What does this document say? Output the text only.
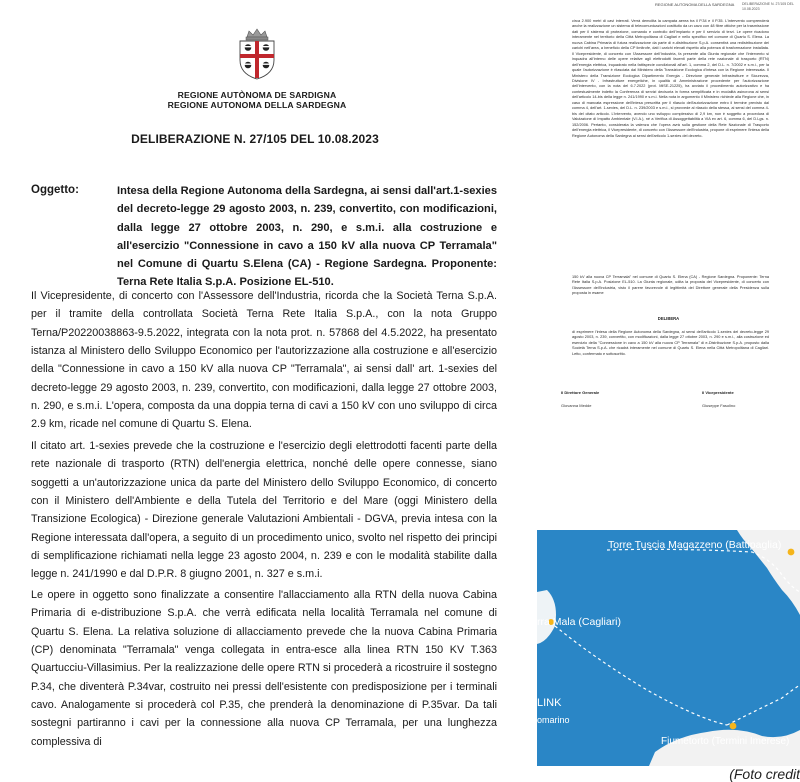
REGIONE AUTÒNOMA DE SARDIGNA
REGIONE AUTONOMA DELLA SARDEGNA
DELIBERAZIONE N. 27/105 DEL 10.08.2023
Oggetto:	Intesa della Regione Autonoma della Sardegna, ai sensi dall'art.1-sexies del decreto-legge 29 agosto 2003, n. 239, convertito, con modificazioni, dalla legge 27 ottobre 2003, n. 290, e s.m.i. alla costruzione e all'esercizio "Connessione in cavo a 150 kV alla nuova CP Terramala" nel Comune di Quartu S.Elena (CA) - Regione Sardegna. Proponente: Terna Rete Italia S.p.A. Posizione EL-510.

Il Vicepresidente, di concerto con l'Assessore dell'Industria, ricorda che la Società Terna S.p.A. per il tramite della controllata Società Terna Rete Italia S.p.A., con la nota Gruppo Terna/P20220038863-9.5.2022, integrata con la nota prot. n. 57868 del 4.5.2022, ha presentato istanza al Ministero dello Sviluppo Economico per l'autorizzazione alla costruzione e all'esercizio della "Connessione in cavo a 150 kV alla nuova CP "Terramala", ai sensi dall' art. 1-sexies del decreto-legge 29 agosto 2003, n. 239, convertito, con modificazioni, dalla legge 27 ottobre 2003, n. 290, e s.m.i. L'opera, composta da una doppia terna di cavi a 150 kV con uno sviluppo di circa 2.9 km, ricade nel comune di Quartu S. Elena.

Il citato art. 1-sexies prevede che la costruzione e l'esercizio degli elettrodotti facenti parte della rete nazionale di trasporto (RTN) dell'energia elettrica, nonché delle opere connesse, siano soggetti a un'autorizzazione unica da parte del Ministero dello Sviluppo Economico, di concerto con il Ministero dell'Ambiente e della Tutela del Territorio e del Mare (oggi Ministero della Transizione Ecologica) - Direzione generale Valutazioni Ambientali - DGVA, previa intesa con la Regione interessata dall'opera, a seguito di un procedimento unico, svolto nel rispetto dei principi di semplificazione richiamati nella legge 23 agosto 2004, n. 239 e con le modalità stabilite dalla legge n. 241/1990 e dal D.P.R. 8 giugno 2001, n. 327 e s.m.i.

Le opere in oggetto sono finalizzate a consentire l'allacciamento alla RTN della nuova Cabina Primaria di e-distribuzione S.p.A. che verrà edificata nella località Terramala nel comune di Quartu S. Elena. La relativa soluzione di allacciamento prevede che la nuova Cabina Primaria (CP) denominata "Terramala" venga collegata in entra-esce alla linea RTN 150 KV T.363 Quartucciu-Villasimius. Per la realizzazione delle opere RTN si procederà a ricostruire il sostegno P.34, che diventerà P.34var, costruito nei pressi dell'esistente con predisposizione per i terminali cavo. Analogamente si procederà col P.35, che prenderà la denominazione di P.35var. Da tali sostegni partiranno i cavi per la connessione alla nuova CP Terramala, per una lunghezza complessiva di

REGIONE AUTONOMA DELLA SARDEGNA DELIBERAZIONE N. 27/105 DEL 10.08.2023

circa 2.900 metri di cavi interrati. Verrà demolita la campata aerea tra il P.34 e il P.35. L'intervento comprenderà anche la realizzazione un sistema di telecomunicazioni costituito da un cavo con 48 fibre ottiche per la trasmissione dati per il sistema di protezione, comando e controllo dell'impianto e per il servizio di terzi. Le opere ricadono interamente nel territorio della Città Metropolitana di Cagliari e nello specifico nel comune di Quartu S. Elena. La nuova Cabina Primaria di futura realizzazione da parte di e-distribuzione S.p.A. consentirà una redistribuzione dei carichi nell'area, a beneficio della CP limitrofe, dati i carichi elevati rispetto alla potenza di trasformazione installata. Il Vicepresidente, di concerto con l'Assessore dell'Industria, fa presente alla Giunta regionale che l'intervento si inquadra all'interno delle opere relative agli elettrodotti facenti parte della rete nazionale di trasporto (RTN) dell'energia elettrica, inquadrato nella fattispecie condizionali all'art. 1, comma 2, del D.L. n. 7/2002 e s.m.i., per la quale l'autorizzazione è rilasciata dal Ministero della Transizione Ecologica d'intesa con la Regione interessata. Il Ministero della Transizione Ecologica Dipartimento Energia - Direzione generale Infrastrutture e Sicurezza, Divisione IV - Infrastrutture energetiche, in qualità di Amministrazione procedente per l'autorizzazione dell'intervento, con la nota del 6.7.2022 (prot. MiSE-21225), ha avviato il procedimento autorizzativo e ha contestualmente indetto la Conferenza di servizi decisoria in forma semplificata e in modalità asincrona ai sensi dell'articolo 14-bis della legge n. 241/1990 e s.m.i. Nella nota in argomento il Ministero richiede alla Regione che, in caso di mancata espressione dell'intesa prescritta per il rilascio dell'autorizzazione entro il termine previsto dal comma 4, dell'art. 1-sexies, del D.L. n. 239/2003 e s.m.i., si provvede al rilascio della stessa, ai sensi del comma 4-bis del citato articolo. L'intervento, avendo uno sviluppo complessivo di 2,9 km, non è soggetto a procedura di Valutazione di Impatto Ambientale (V.I.A.), né a Verifica di Assoggettabilità a VIA ex art. 6, comma 6, del D.Lgs. n. 152/2006. Pertanto, considerata la valenza che l'opera avrà sulla gestione della Rete Nazionale di Trasporto dell'energia elettrica, il Vicepresidente, di concerto con l'Assessore dell'Industria, propone di esprimere l'intesa della Regione Autonoma della Sardegna ai sensi dell'articolo 1-sexies del decreto-

150 kV alla nuova CP Terramala" nel comune di Quartu S. Elena (CA) - Regione Sardegna. Proponente: Terna Rete Italia S.p.A. Posizione EL-510. La Giunta regionale, udita la proposta del Vicepresidente, di concerto con l'Assessore dell'Industria, visto il parere favorevole di legittimità del Direttore generale della Presidenza sulla proposta in esame

DELIBERA

di esprimere l'intesa della Regione Autonoma della Sardegna, ai sensi dell'articolo 1-sexies del decreto-legge 29 agosto 2003, n. 239, convertito, con modificazioni, dalla legge 27 ottobre 2003, n. 290 e s.m.i., alla costruzione ed esercizio della "Connessione in cavo a 150 kV alla nuova CP Terramala" di e-Distribuzione S.p.A. proposto dalla Società Terna S.p.A. che ricadrà interamente nel comune di Quartu S. Elena nella Città Metropolitana di Cagliari. Letto, confermato e sottoscritto.

Il Direttore Generale
Giovanna Medde
Il Vicepresidente
Giuseppe Fasolino
Torre Tuscia Magazzeno (Battipaglia)
rra Mala (Cagliari)
LINK
omarino
Fiumetorto (Termini Imerese)
(Foto credit
